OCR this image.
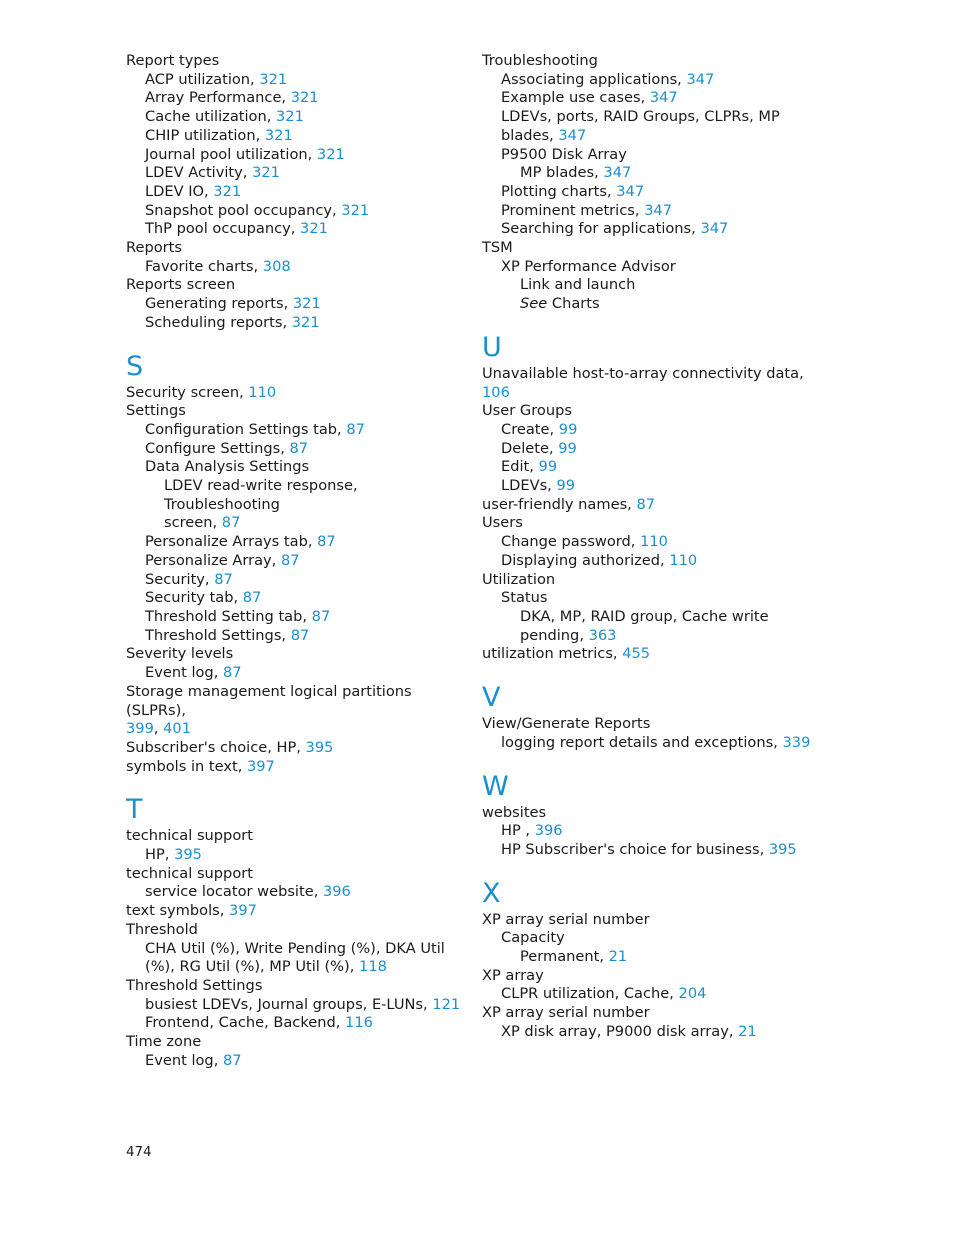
Report types
ACP utilization, 321
Array Performance, 321
Cache utilization, 321
CHIP utilization, 321
Journal pool utilization, 321
LDEV Activity, 321
LDEV IO, 321
Snapshot pool occupancy, 321
ThP pool occupancy, 321
Reports
Favorite charts, 308
Reports screen
Generating reports, 321
Scheduling reports, 321
S
Security screen, 110
Settings
Configuration Settings tab, 87
Configure Settings, 87
Data Analysis Settings
LDEV read-write response, Troubleshooting
screen, 87
Personalize Arrays tab, 87
Personalize Array, 87
Security, 87
Security tab, 87
Threshold Setting tab, 87
Threshold Settings, 87
Severity levels
Event log, 87
Storage management logical partitions (SLPRs),
399, 401
Subscriber's choice, HP, 395
symbols in text, 397
T
technical support
HP, 395
technical support
service locator website, 396
text symbols, 397
Threshold
CHA Util (%), Write Pending (%), DKA Util
(%), RG Util (%), MP Util (%), 118
Threshold Settings
busiest LDEVs, Journal groups, E-LUNs, 121
Frontend, Cache, Backend, 116
Time zone
Event log, 87
Troubleshooting
Associating applications, 347
Example use cases, 347
LDEVs, ports, RAID Groups, CLPRs, MP
blades, 347
P9500 Disk Array
MP blades, 347
Plotting charts, 347
Prominent metrics, 347
Searching for applications, 347
TSM
XP Performance Advisor
Link and launch
See Charts
U
Unavailable host-to-array connectivity data, 106
User Groups
Create, 99
Delete, 99
Edit, 99
LDEVs, 99
user-friendly names, 87
Users
Change password, 110
Displaying authorized, 110
Utilization
Status
DKA, MP, RAID group, Cache write
pending, 363
utilization metrics, 455
V
View/Generate Reports
logging report details and exceptions, 339
W
websites
HP , 396
HP Subscriber's choice for business, 395
X
XP array serial number
Capacity
Permanent, 21
XP array
CLPR utilization, Cache, 204
XP array serial number
XP disk array, P9000 disk array, 21
474
